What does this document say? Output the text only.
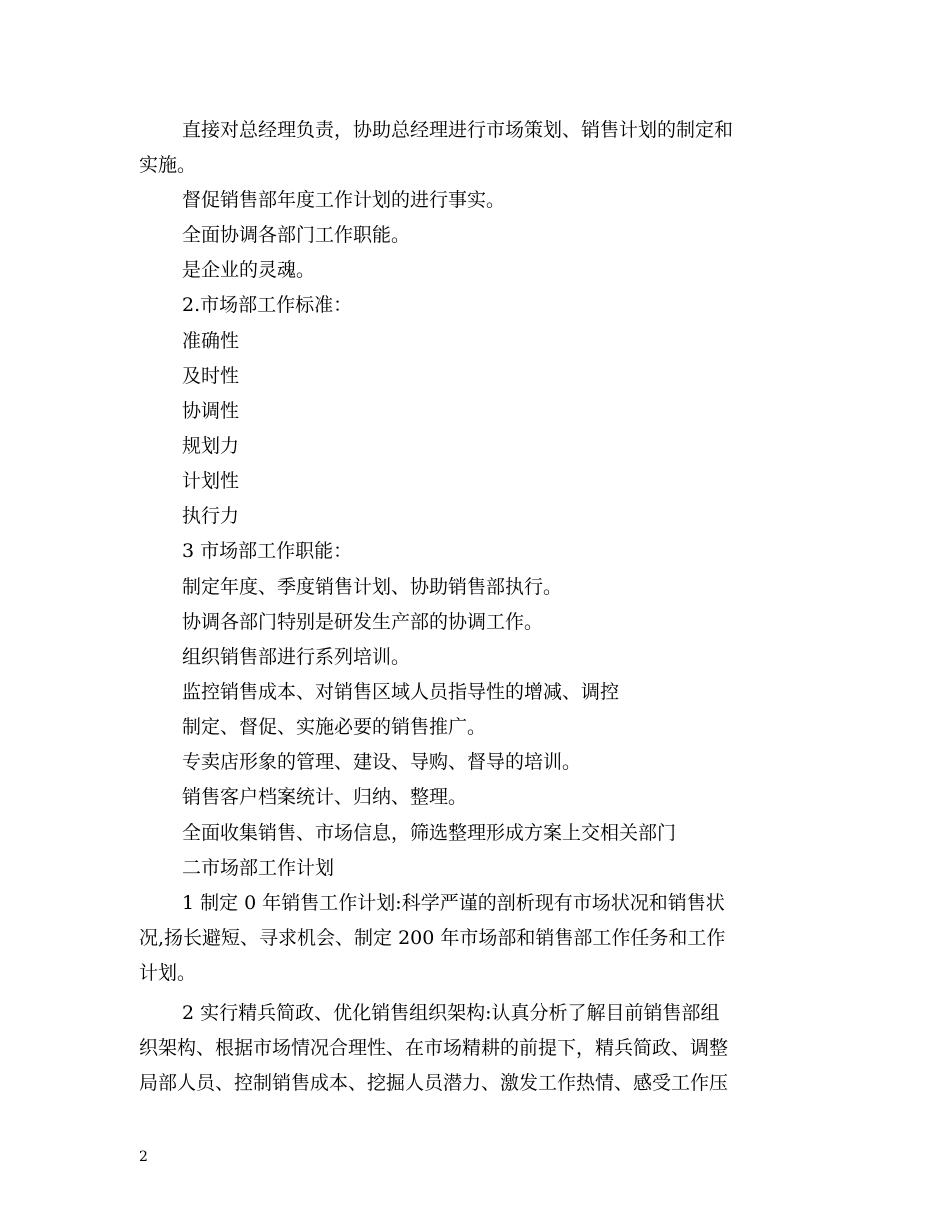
直接对总经理负责，协助总经理进行市场策划、销售计划的制定和
实施。
督促销售部年度工作计划的进行事实。
全面协调各部门工作职能。
是企业的灵魂。
2.市场部工作标准：
准确性
及时性
协调性
规划力
计划性
执行力
3 市场部工作职能：
制定年度、季度销售计划、协助销售部执行。
协调各部门特别是研发生产部的协调工作。
组织销售部进行系列培训。
监控销售成本、对销售区域人员指导性的增减、调控
制定、督促、实施必要的销售推广。
专卖店形象的管理、建设、导购、督导的培训。
销售客户档案统计、归纳、整理。
全面收集销售、市场信息，筛选整理形成方案上交相关部门
二市场部工作计划
1 制定 0 年销售工作计划:科学严谨的剖析现有市场状况和销售状
况,扬长避短、寻求机会、制定 200 年市场部和销售部工作任务和工作
计划。
2 实行精兵简政、优化销售组织架构:认真分析了解目前销售部组
织架构、根据市场情况合理性、在市场精耕的前提下，精兵简政、调整
局部人员、控制销售成本、挖掘人员潜力、激发工作热情、感受工作压
2
